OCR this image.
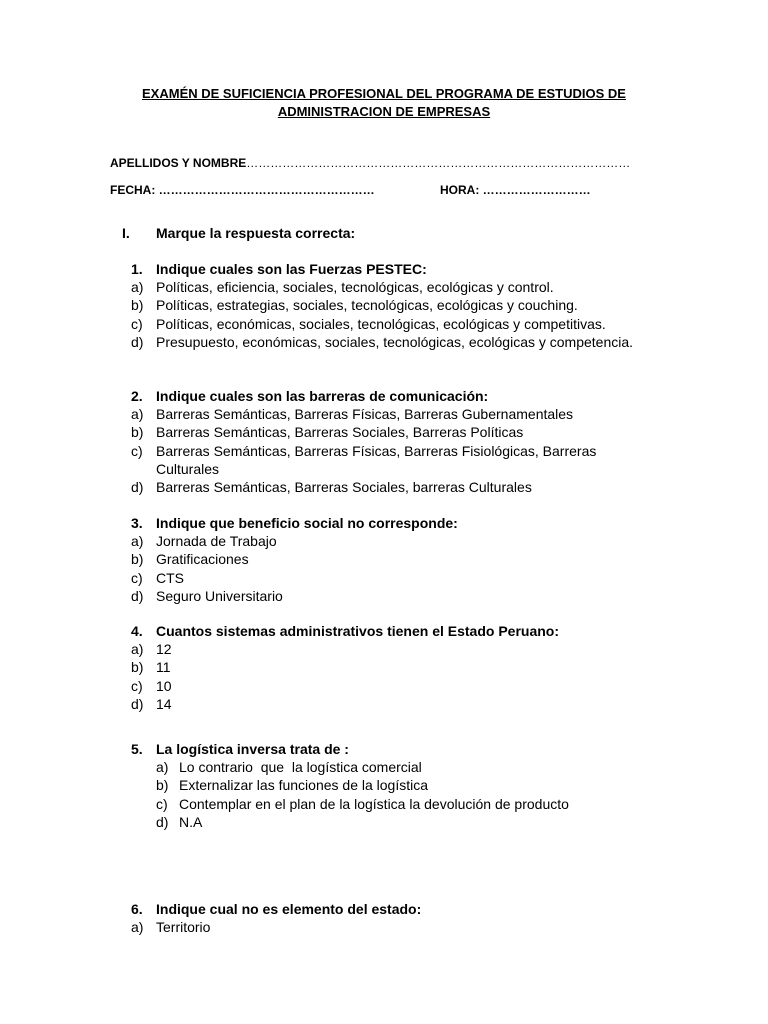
EXAMÉN DE SUFICIENCIA PROFESIONAL DEL PROGRAMA DE ESTUDIOS DE
ADMINISTRACION DE EMPRESAS
APELLIDOS Y NOMBRE……………………………………………………………………………………
FECHA: ………………………………………………	HORA: ………………………
I. Marque la respuesta correcta:
1. Indique cuales son las Fuerzas PESTEC:
a) Políticas, eficiencia, sociales, tecnológicas, ecológicas y control.
b) Políticas, estrategias, sociales, tecnológicas, ecológicas y couching.
c) Políticas, económicas, sociales, tecnológicas, ecológicas y competitivas.
d) Presupuesto, económicas, sociales, tecnológicas, ecológicas y competencia.
2. Indique cuales son las barreras de comunicación:
a) Barreras Semánticas, Barreras Físicas, Barreras Gubernamentales
b) Barreras Semánticas, Barreras Sociales, Barreras Políticas
c) Barreras Semánticas, Barreras Físicas, Barreras Fisiológicas, Barreras Culturales
d) Barreras Semánticas, Barreras Sociales, barreras Culturales
3. Indique que beneficio social no corresponde:
a) Jornada de Trabajo
b) Gratificaciones
c) CTS
d) Seguro Universitario
4. Cuantos sistemas administrativos tienen el Estado Peruano:
a) 12
b) 11
c) 10
d) 14
5. La logística inversa trata de :
a) Lo contrario  que  la logística comercial
b) Externalizar las funciones de la logística
c) Contemplar en el plan de la logística la devolución de producto
d) N.A
6. Indique cual no es elemento del estado:
a) Territorio
